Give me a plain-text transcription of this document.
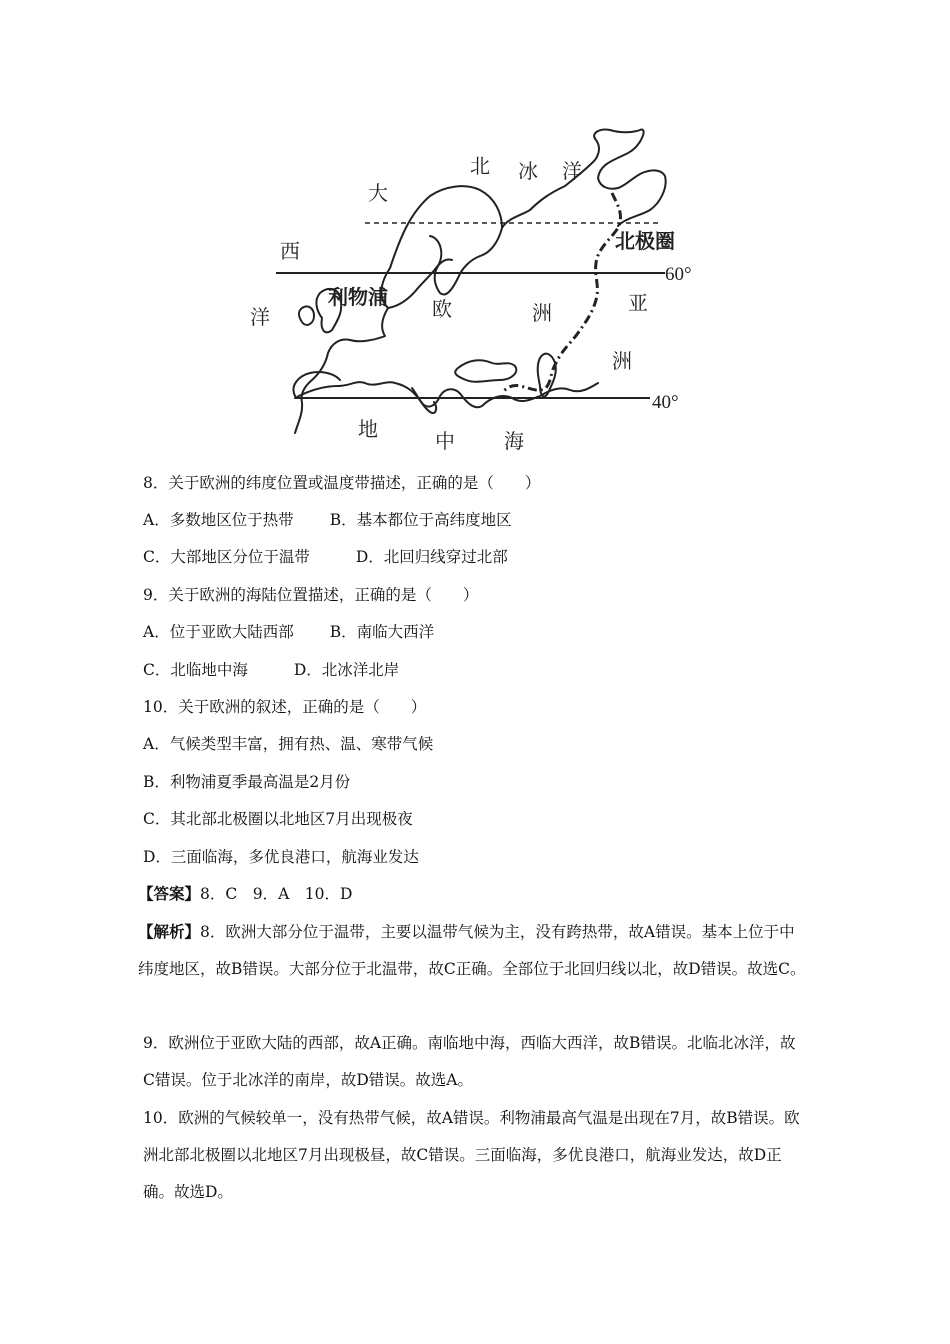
北 冰 洋
大
西	北极圈
60°
利物浦 欧	洲	亚
洋
洲
40°
地	中 海
8．关于欧洲的纬度位置或温度带描述，正确的是（　　）
A．多数地区位于热带 B．基本都位于高纬度地区
C．大部地区分位于温带	D．北回归线穿过北部
9．关于欧洲的海陆位置描述，正确的是（　　）
A．位于亚欧大陆西部 B．南临大西洋
C．北临地中海	D．北冰洋北岸
10．关于欧洲的叙述，正确的是（　　）
A．气候类型丰富，拥有热、温、寒带气候
B．利物浦夏季最高温是2月份
C．其北部北极圈以北地区7月出现极夜
D．三面临海，多优良港口，航海业发达
【答案】8．C　9．A　10．D
【解析】8．欧洲大部分位于温带，主要以温带气候为主，没有跨热带，故A错误。基本上位于中纬度地区，故B错误。大部分位于北温带，故C正确。全部位于北回归线以北，故D错误。故选C。
9．欧洲位于亚欧大陆的西部，故A正确。南临地中海，西临大西洋，故B错误。北临北冰洋，故C错误。位于北冰洋的南岸，故D错误。故选A。
10．欧洲的气候较单一，没有热带气候，故A错误。利物浦最高气温是出现在7月，故B错误。欧洲北部北极圈以北地区7月出现极昼，故C错误。三面临海，多优良港口，航海业发达，故D正确。故选D。
